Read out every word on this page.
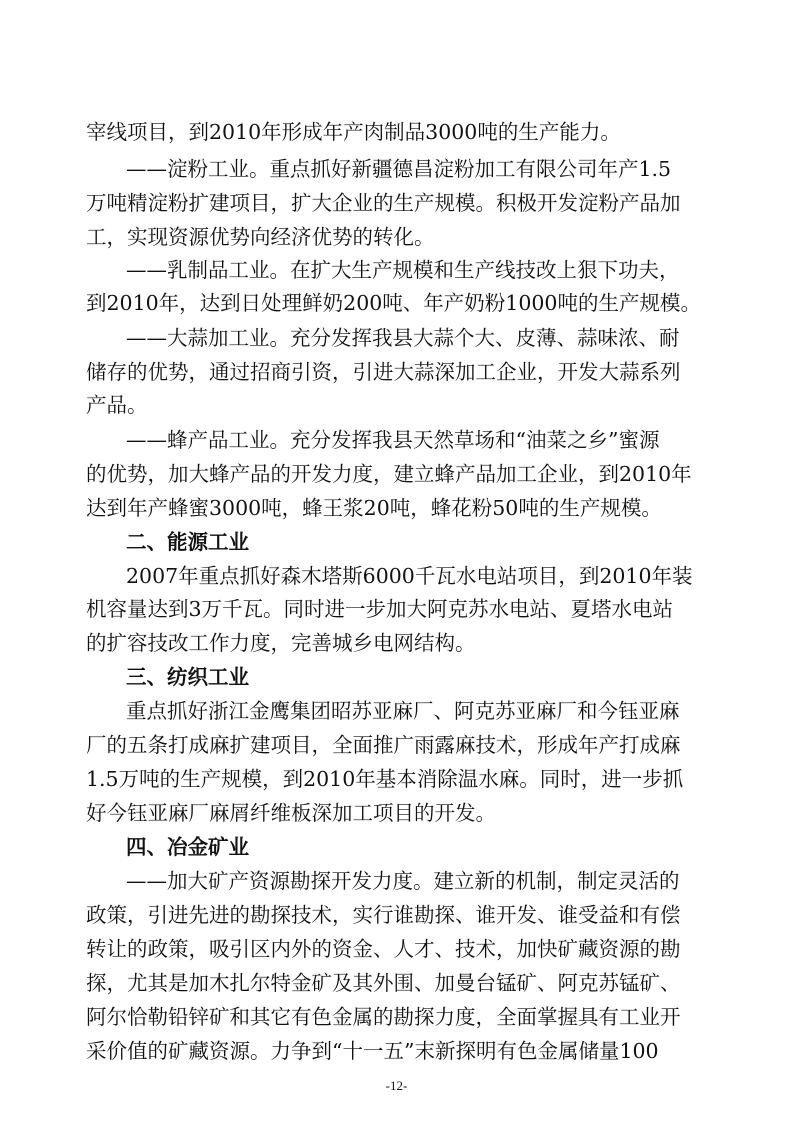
宰线项目，到2010年形成年产肉制品3000吨的生产能力。
——淀粉工业。重点抓好新疆德昌淀粉加工有限公司年产1.5
万吨精淀粉扩建项目，扩大企业的生产规模。积极开发淀粉产品加
工，实现资源优势向经济优势的转化。
——乳制品工业。在扩大生产规模和生产线技改上狠下功夫，
到2010年，达到日处理鲜奶200吨、年产奶粉1000吨的生产规模。
——大蒜加工业。充分发挥我县大蒜个大、皮薄、蒜味浓、耐
储存的优势，通过招商引资，引进大蒜深加工企业，开发大蒜系列
产品。
——蜂产品工业。充分发挥我县天然草场和“油菜之乡”蜜源
的优势，加大蜂产品的开发力度，建立蜂产品加工企业，到2010年
达到年产蜂蜜3000吨，蜂王浆20吨，蜂花粉50吨的生产规模。
二、能源工业
2007年重点抓好森木塔斯6000千瓦水电站项目，到2010年装
机容量达到3万千瓦。同时进一步加大阿克苏水电站、夏塔水电站
的扩容技改工作力度，完善城乡电网结构。
三、纺织工业
重点抓好浙江金鹰集团昭苏亚麻厂、阿克苏亚麻厂和今钰亚麻
厂的五条打成麻扩建项目，全面推广雨露麻技术，形成年产打成麻
1.5万吨的生产规模，到2010年基本消除温水麻。同时，进一步抓
好今钰亚麻厂麻屑纤维板深加工项目的开发。
四、冶金矿业
——加大矿产资源勘探开发力度。建立新的机制，制定灵活的
政策，引进先进的勘探技术，实行谁勘探、谁开发、谁受益和有偿
转让的政策，吸引区内外的资金、人才、技术，加快矿藏资源的勘
探，尤其是加木扎尔特金矿及其外围、加曼台锰矿、阿克苏锰矿、
阿尔恰勒铅锌矿和其它有色金属的勘探力度，全面掌握具有工业开
采价值的矿藏资源。力争到“十一五”末新探明有色金属储量100
-12-
